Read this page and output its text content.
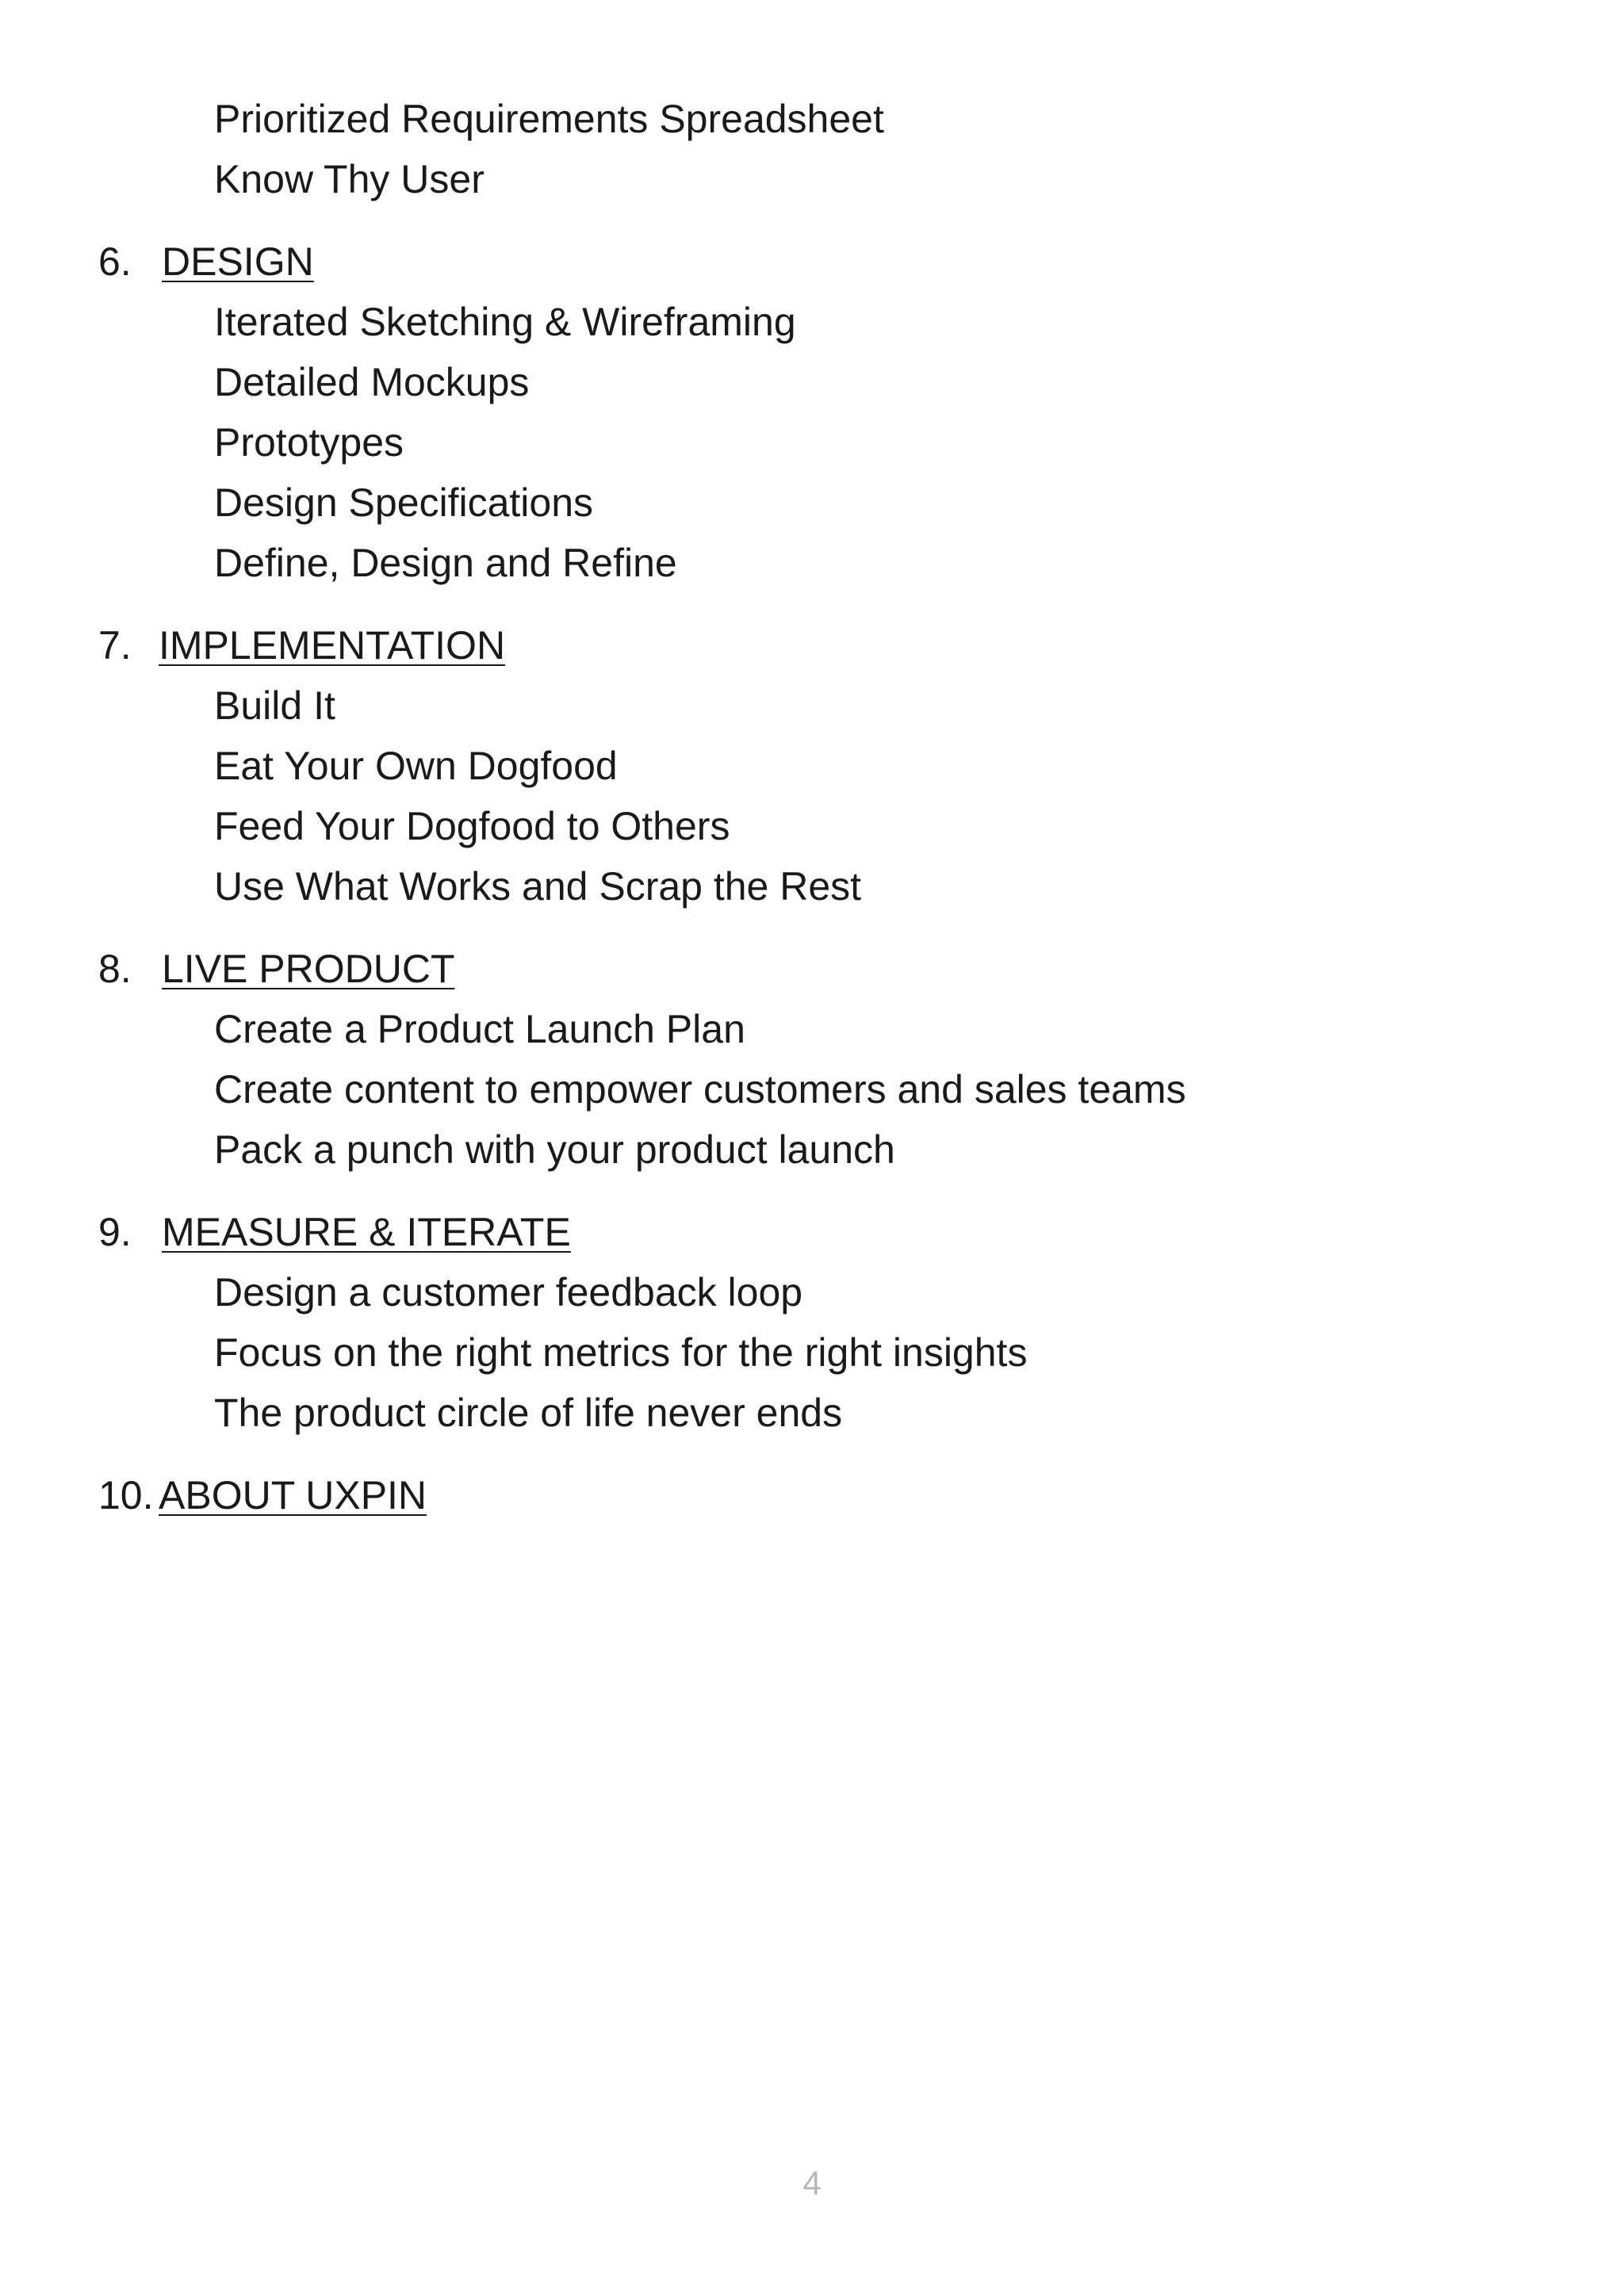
Prioritized Requirements Spreadsheet
Know Thy User
6. DESIGN
Iterated Sketching & Wireframing
Detailed Mockups
Prototypes
Design Specifications
Define, Design and Refine
7. IMPLEMENTATION
Build It
Eat Your Own Dogfood
Feed Your Dogfood to Others
Use What Works and Scrap the Rest
8. LIVE PRODUCT
Create a Product Launch Plan
Create content to empower customers and sales teams
Pack a punch with your product launch
9. MEASURE & ITERATE
Design a customer feedback loop
Focus on the right metrics for the right insights
The product circle of life never ends
10. ABOUT UXPIN
4
